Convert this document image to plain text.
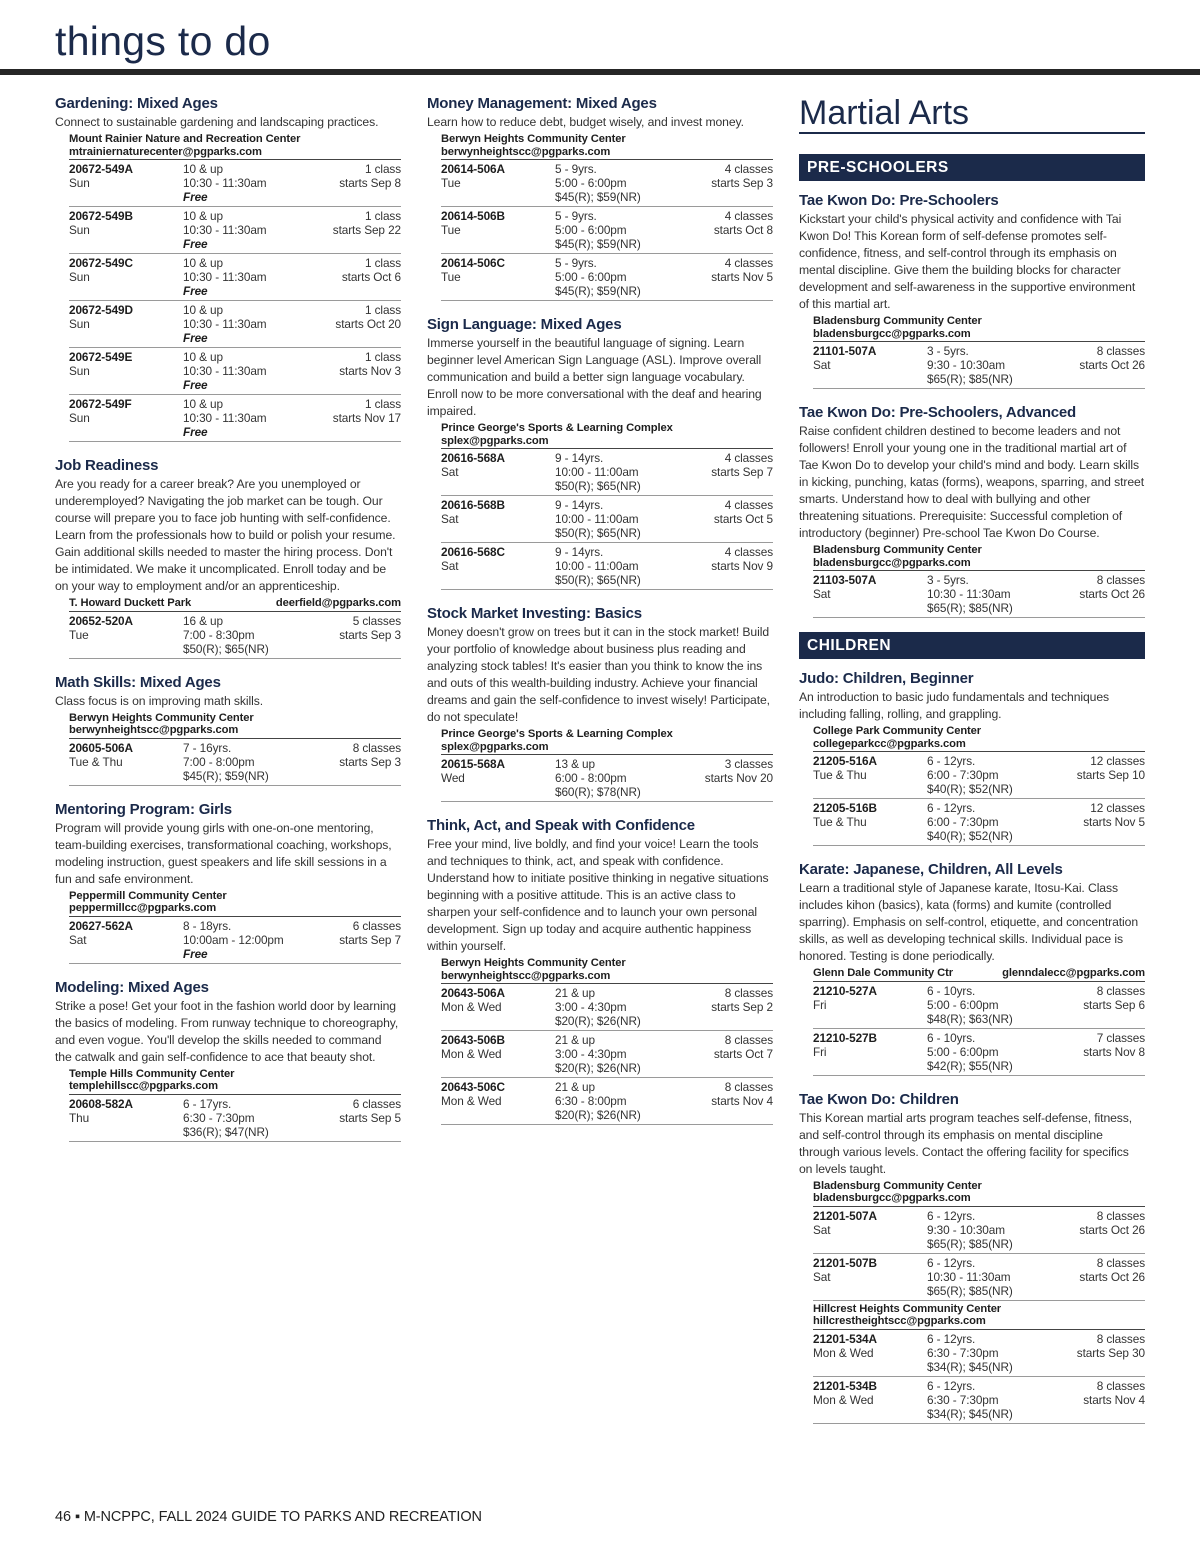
things to do
Gardening: Mixed Ages
Connect to sustainable gardening and landscaping practices.
Mount Rainier Nature and Recreation Center
mtrainiernaturecenter@pgparks.com
20672-549A
Sun
10 & up
10:30 - 11:30am
Free
1 class
starts Sep 8
20672-549B
Sun
10 & up
10:30 - 11:30am
Free
1 class
starts Sep 22
20672-549C
Sun
10 & up
10:30 - 11:30am
Free
1 class
starts Oct 6
20672-549D
Sun
10 & up
10:30 - 11:30am
Free
1 class
starts Oct 20
20672-549E
Sun
10 & up
10:30 - 11:30am
Free
1 class
starts Nov 3
20672-549F
Sun
10 & up
10:30 - 11:30am
Free
1 class
starts Nov 17
Job Readiness
Are you ready for a career break? Are you unemployed or underemployed? Navigating the job market can be tough. Our course will prepare you to face job hunting with self-confidence. Learn from the professionals how to build or polish your resume. Gain additional skills needed to master the hiring process. Don't be intimidated. We make it uncomplicated. Enroll today and be on your way to employment and/or an apprenticeship.
T. Howard Duckett Park	deerfield@pgparks.com
20652-520A
Tue
16 & up
7:00 - 8:30pm
$50(R); $65(NR)
5 classes
starts Sep 3
Math Skills: Mixed Ages
Class focus is on improving math skills.
Berwyn Heights Community Center
berwynheightscc@pgparks.com
20605-506A
Tue & Thu
7 - 16yrs.
7:00 - 8:00pm
$45(R); $59(NR)
8 classes
starts Sep 3
Mentoring Program: Girls
Program will provide young girls with one-on-one mentoring, team-building exercises, transformational coaching, workshops, modeling instruction, guest speakers and life skill sessions in a fun and safe environment.
Peppermill Community Center
peppermillcc@pgparks.com
20627-562A
Sat
8 - 18yrs.
10:00am - 12:00pm
Free
6 classes
starts Sep 7
Modeling: Mixed Ages
Strike a pose! Get your foot in the fashion world door by learning the basics of modeling. From runway technique to choreography, and even vogue. You'll develop the skills needed to command the catwalk and gain self-confidence to ace that beauty shot.
Temple Hills Community Center
templehillscc@pgparks.com
20608-582A
Thu
6 - 17yrs.
6:30 - 7:30pm
$36(R); $47(NR)
6 classes
starts Sep 5
Money Management: Mixed Ages
Learn how to reduce debt, budget wisely, and invest money.
Berwyn Heights Community Center
berwynheightscc@pgparks.com
20614-506A
Tue
5 - 9yrs.
5:00 - 6:00pm
$45(R); $59(NR)
4 classes
starts Sep 3
20614-506B
Tue
5 - 9yrs.
5:00 - 6:00pm
$45(R); $59(NR)
4 classes
starts Oct 8
20614-506C
Tue
5 - 9yrs.
5:00 - 6:00pm
$45(R); $59(NR)
4 classes
starts Nov 5
Sign Language: Mixed Ages
Immerse yourself in the beautiful language of signing. Learn beginner level American Sign Language (ASL). Improve overall communication and build a better sign language vocabulary. Enroll now to be more conversational with the deaf and hearing impaired.
Prince George's Sports & Learning Complex
splex@pgparks.com
20616-568A
Sat
9 - 14yrs.
10:00 - 11:00am
$50(R); $65(NR)
4 classes
starts Sep 7
20616-568B
Sat
9 - 14yrs.
10:00 - 11:00am
$50(R); $65(NR)
4 classes
starts Oct 5
20616-568C
Sat
9 - 14yrs.
10:00 - 11:00am
$50(R); $65(NR)
4 classes
starts Nov 9
Stock Market Investing: Basics
Money doesn't grow on trees but it can in the stock market! Build your portfolio of knowledge about business plus reading and analyzing stock tables! It's easier than you think to know the ins and outs of this wealth-building industry. Achieve your financial dreams and gain the self-confidence to invest wisely! Participate, do not speculate!
Prince George's Sports & Learning Complex
splex@pgparks.com
20615-568A
Wed
13 & up
6:00 - 8:00pm
$60(R); $78(NR)
3 classes
starts Nov 20
Think, Act, and Speak with Confidence
Free your mind, live boldly, and find your voice! Learn the tools and techniques to think, act, and speak with confidence. Understand how to initiate positive thinking in negative situations beginning with a positive attitude. This is an active class to sharpen your self-confidence and to launch your own personal development. Sign up today and acquire authentic happiness within yourself.
Berwyn Heights Community Center
berwynheightscc@pgparks.com
20643-506A
Mon & Wed
21 & up
3:00 - 4:30pm
$20(R); $26(NR)
8 classes
starts Sep 2
20643-506B
Mon & Wed
21 & up
3:00 - 4:30pm
$20(R); $26(NR)
8 classes
starts Oct 7
20643-506C
Mon & Wed
21 & up
6:30 - 8:00pm
$20(R); $26(NR)
8 classes
starts Nov 4
Martial Arts
PRE-SCHOOLERS
Tae Kwon Do: Pre-Schoolers
Kickstart your child's physical activity and confidence with Tai Kwon Do! This Korean form of self-defense promotes self-confidence, fitness, and self-control through its emphasis on mental discipline. Give them the building blocks for character development and self-awareness in the supportive environment of this martial art.
Bladensburg Community Center
bladensburgcc@pgparks.com
21101-507A
Sat
3 - 5yrs.
9:30 - 10:30am
$65(R); $85(NR)
8 classes
starts Oct 26
Tae Kwon Do: Pre-Schoolers, Advanced
Raise confident children destined to become leaders and not followers! Enroll your young one in the traditional martial art of Tae Kwon Do to develop your child's mind and body. Learn skills in kicking, punching, katas (forms), weapons, sparring, and street smarts. Understand how to deal with bullying and other threatening situations. Prerequisite: Successful completion of introductory (beginner) Pre-school Tae Kwon Do Course.
Bladensburg Community Center
bladensburgcc@pgparks.com
21103-507A
Sat
3 - 5yrs.
10:30 - 11:30am
$65(R); $85(NR)
8 classes
starts Oct 26
CHILDREN
Judo: Children, Beginner
An introduction to basic judo fundamentals and techniques including falling, rolling, and grappling.
College Park Community Center
collegeparkcc@pgparks.com
21205-516A
Tue & Thu
6 - 12yrs.
6:00 - 7:30pm
$40(R); $52(NR)
12 classes
starts Sep 10
21205-516B
Tue & Thu
6 - 12yrs.
6:00 - 7:30pm
$40(R); $52(NR)
12 classes
starts Nov 5
Karate: Japanese, Children, All Levels
Learn a traditional style of Japanese karate, Itosu-Kai. Class includes kihon (basics), kata (forms) and kumite (controlled sparring). Emphasis on self-control, etiquette, and concentration skills, as well as developing technical skills. Individual pace is honored. Testing is done periodically.
Glenn Dale Community Ctr	glenndalecc@pgparks.com
21210-527A
Fri
6 - 10yrs.
5:00 - 6:00pm
$48(R); $63(NR)
8 classes
starts Sep 6
21210-527B
Fri
6 - 10yrs.
5:00 - 6:00pm
$42(R); $55(NR)
7 classes
starts Nov 8
Tae Kwon Do: Children
This Korean martial arts program teaches self-defense, fitness, and self-control through its emphasis on mental discipline through various levels. Contact the offering facility for specifics on levels taught.
Bladensburg Community Center
bladensburgcc@pgparks.com
21201-507A
Sat
6 - 12yrs.
9:30 - 10:30am
$65(R); $85(NR)
8 classes
starts Oct 26
21201-507B
Sat
6 - 12yrs.
10:30 - 11:30am
$65(R); $85(NR)
8 classes
starts Oct 26
Hillcrest Heights Community Center
hillcrestheightscc@pgparks.com
21201-534A
Mon & Wed
6 - 12yrs.
6:30 - 7:30pm
$34(R); $45(NR)
8 classes
starts Sep 30
21201-534B
Mon & Wed
6 - 12yrs.
6:30 - 7:30pm
$34(R); $45(NR)
8 classes
starts Nov 4
46 ▪ M-NCPPC, FALL 2024 GUIDE TO PARKS AND RECREATION
